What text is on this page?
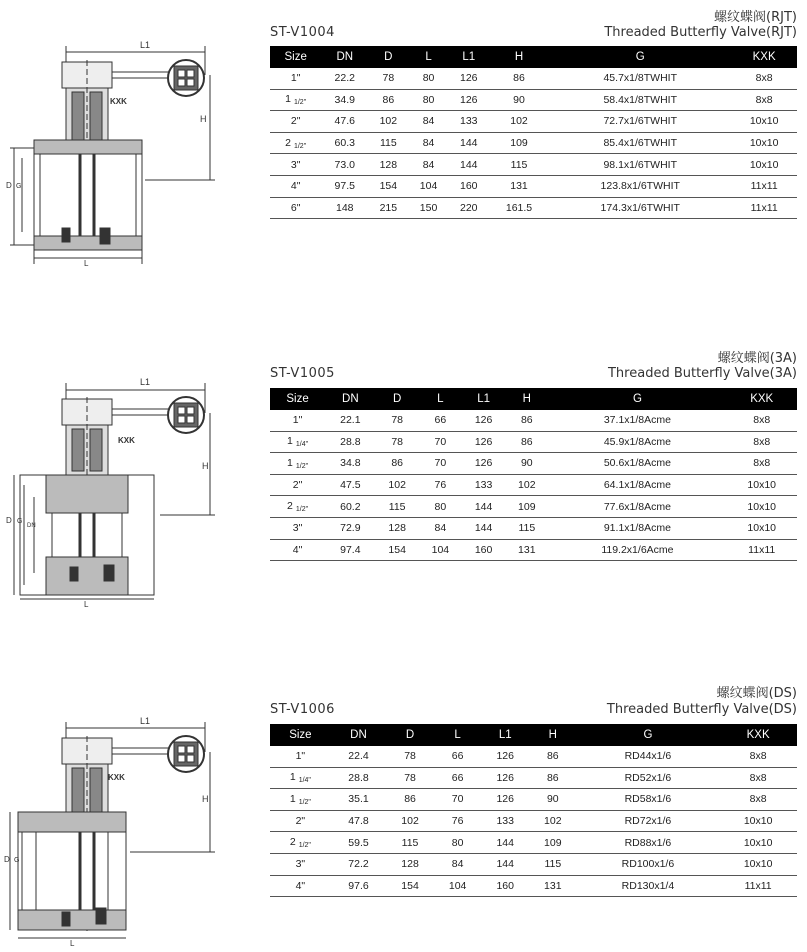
L1
KXK
H
D G
L
螺纹蝶阀(RJT)
ST-V1004	Threaded Butterfly Valve(RJT)
Size	DN	D	L	L1	H	G	KXK
1"	22.2	78	80	126	86	45.7x1/8TWHIT	8x8
1 1/2"	34.9	86	80	126	90	58.4x1/8TWHIT	8x8
2"	47.6	102	84	133	102	72.7x1/6TWHIT	10x10
2 1/2"	60.3	115	84	144	109	85.4x1/6TWHIT	10x10
3"	73.0	128	84	144	115	98.1x1/6TWHIT	10x10
4"	97.5	154	104	160	131	123.8x1/6TWHIT	11x11
6"	148	215	150	220	161.5	174.3x1/6TWHIT	11x11
L1
KXK
H
D G
DN
L
螺纹蝶阀(3A)
ST-V1005	Threaded Butterfly Valve(3A)
Size	DN	D	L	L1	H	G	KXK
1"	22.1	78	66	126	86	37.1x1/8Acme	8x8
1 1/4"	28.8	78	70	126	86	45.9x1/8Acme	8x8
1 1/2"	34.8	86	70	126	90	50.6x1/8Acme	8x8
2"	47.5	102	76	133	102	64.1x1/8Acme	10x10
2 1/2"	60.2	115	80	144	109	77.6x1/8Acme	10x10
3"	72.9	128	84	144	115	91.1x1/8Acme	10x10
4"	97.4	154	104	160	131	119.2x1/6Acme	11x11
L1
KXK
H
D G
L
螺纹蝶阀(DS)
ST-V1006	Threaded Butterfly Valve(DS)
Size	DN	D	L	L1	H	G	KXK
1"	22.4	78	66	126	86	RD44x1/6	8x8
1 1/4"	28.8	78	66	126	86	RD52x1/6	8x8
1 1/2"	35.1	86	70	126	90	RD58x1/6	8x8
2"	47.8	102	76	133	102	RD72x1/6	10x10
2 1/2"	59.5	115	80	144	109	RD88x1/6	10x10
3"	72.2	128	84	144	115	RD100x1/6	10x10
4"	97.6	154	104	160	131	RD130x1/4	11x11
